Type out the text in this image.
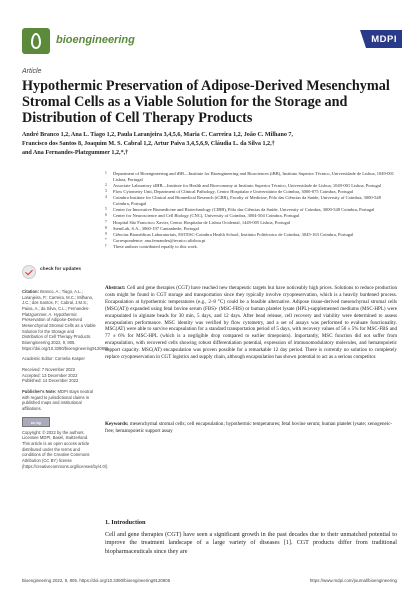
bioengineering	MDPI
Article
Hypothermic Preservation of Adipose-Derived Mesenchymal Stromal Cells as a Viable Solution for the Storage and Distribution of Cell Therapy Products
André Branco 1,2, Ana L. Tiago 1,2, Paula Laranjeira 3,4,5,6, Maria C. Carreira 1,2, João C. Milhano 7,
Francisco dos Santos 8, Joaquim M. S. Cabral 1,2, Artur Paiva 3,4,5,6,9, Cláudia L. da Silva 1,2,†
and Ana Fernandes-Platzgummer 1,2,*,†
1 Department of Bioengineering and iBB—Institute for Bioengineering and Biosciences (iBB), Instituto Superior Técnico, Universidade de Lisboa, 1049-001 Lisboa, Portugal
2 Associate Laboratory i4HB—Institute for Health and Bioeconomy at Instituto Superior Técnico, Universidade de Lisboa, 1049-001 Lisboa, Portugal
3 Flow Cytometry Unit, Department of Clinical Pathology, Centro Hospitalar e Universitário de Coimbra, 3000-075 Coimbra, Portugal
4 Coimbra Institute for Clinical and Biomedical Research (iCBR), Faculty of Medicine, Pólo das Ciências da Saúde, University of Coimbra, 3000-548 Coimbra, Portugal
5 Center for Innovative Biomedicine and Biotechnology (CIBB), Pólo das Ciências da Saúde, University of Coimbra, 3000-548 Coimbra, Portugal
6 Center for Neuroscience and Cell Biology (CNC), University of Coimbra, 3004-504 Coimbra, Portugal
7 Hospital São Francisco Xavier, Centro Hospitalar de Lisboa Ocidental, 1449-005 Lisboa, Portugal
8 StemLab, S.A., 3060-197 Cantanhede, Portugal
9 Ciências Biomédicas Laboratoriais, ESTESC-Coimbra Health School, Instituto Politécnico de Coimbra, 3045-163 Coimbra, Portugal
* Correspondence: ana.fernandes@tecnico.ulisboa.pt
† These authors contributed equally to this work.
check for updates
Citation: Branco, A.; Tiago, A.L.; Laranjeira, P.; Carreira, M.C.; Milhano, J.C.; dos Santos, F.; Cabral, J.M.S.; Paiva, A.; da Silva, C.L.; Fernandes-Platzgummer, A. Hypothermic Preservation of Adipose-Derived Mesenchymal Stromal Cells as a Viable Solution for the Storage and Distribution of Cell Therapy Products. Bioengineering 2022, 9, 805. https://doi.org/10.3390/bioengineering9120805
Academic Editor: Cornelia Kasper
Received: 7 November 2022
Accepted: 13 December 2022
Published: 14 December 2022
Publisher's Note: MDPI stays neutral with regard to jurisdictional claims in published maps and institutional affiliations.
cc by
Copyright: © 2022 by the authors. Licensee MDPI, Basel, Switzerland. This article is an open access article distributed under the terms and conditions of the Creative Commons Attribution (CC BY) license (https://creativecommons.org/licenses/by/4.0/).
Abstract: Cell and gene therapies (CGT) have reached new therapeutic targets but have noticeably high prices. Solutions to reduce production costs might be found in CGT storage and transportation since they typically involve cryopreservation, which is a heavily burdened process. Encapsulation at hypothermic temperatures (e.g., 2–8 °C) could be a feasible alternative. Adipose tissue-derived mesenchymal stromal cells (MSC(AT)) expanded using fetal bovine serum (FBS)- (MSC-FBS) or human platelet lysate (HPL)-supplemented mediums (MSC-HPL) were encapsulated in alginate beads for 30 min, 5 days, and 12 days. After bead release, cell recovery and viability were determined to assess encapsulation performance. MSC identity was verified by flow cytometry, and a set of assays was performed to evaluate functionality. MSC(AT) were able to survive encapsulation for a standard transportation period of 5 days, with recovery values of 56 ± 5% for MSC-FBS and 77 ± 6% for MSC-HPL (which is a negligible drop compared to earlier timepoints). Importantly, MSC function did not suffer from encapsulation, with recovered cells showing robust differentiation potential, expression of immunomodulatory molecules, and hematopoietic support capacity. MSC(AT) encapsulation was proven possible for a remarkable 12 day period. There is currently no solution to completely replace cryopreservation in CGT logistics and supply chain, although encapsulation has shown potential to act as a serious competitor.
Keywords: mesenchymal stromal cells; cell encapsulation; hypothermic temperatures; fetal bovine serum; human platelet lysate; xenogeneic-free; hematopoietic support assay
1. Introduction

Cell and gene therapies (CGT) have seen a significant growth in the past decades due to their unmatched potential to improve the treatment landscape of a large variety of diseases [1]. CGT products differ from traditional biopharmaceuticals since they are

Bioengineering 2022, 9, 805. https://doi.org/10.3390/bioengineering9120805	https://www.mdpi.com/journal/bioengineering
